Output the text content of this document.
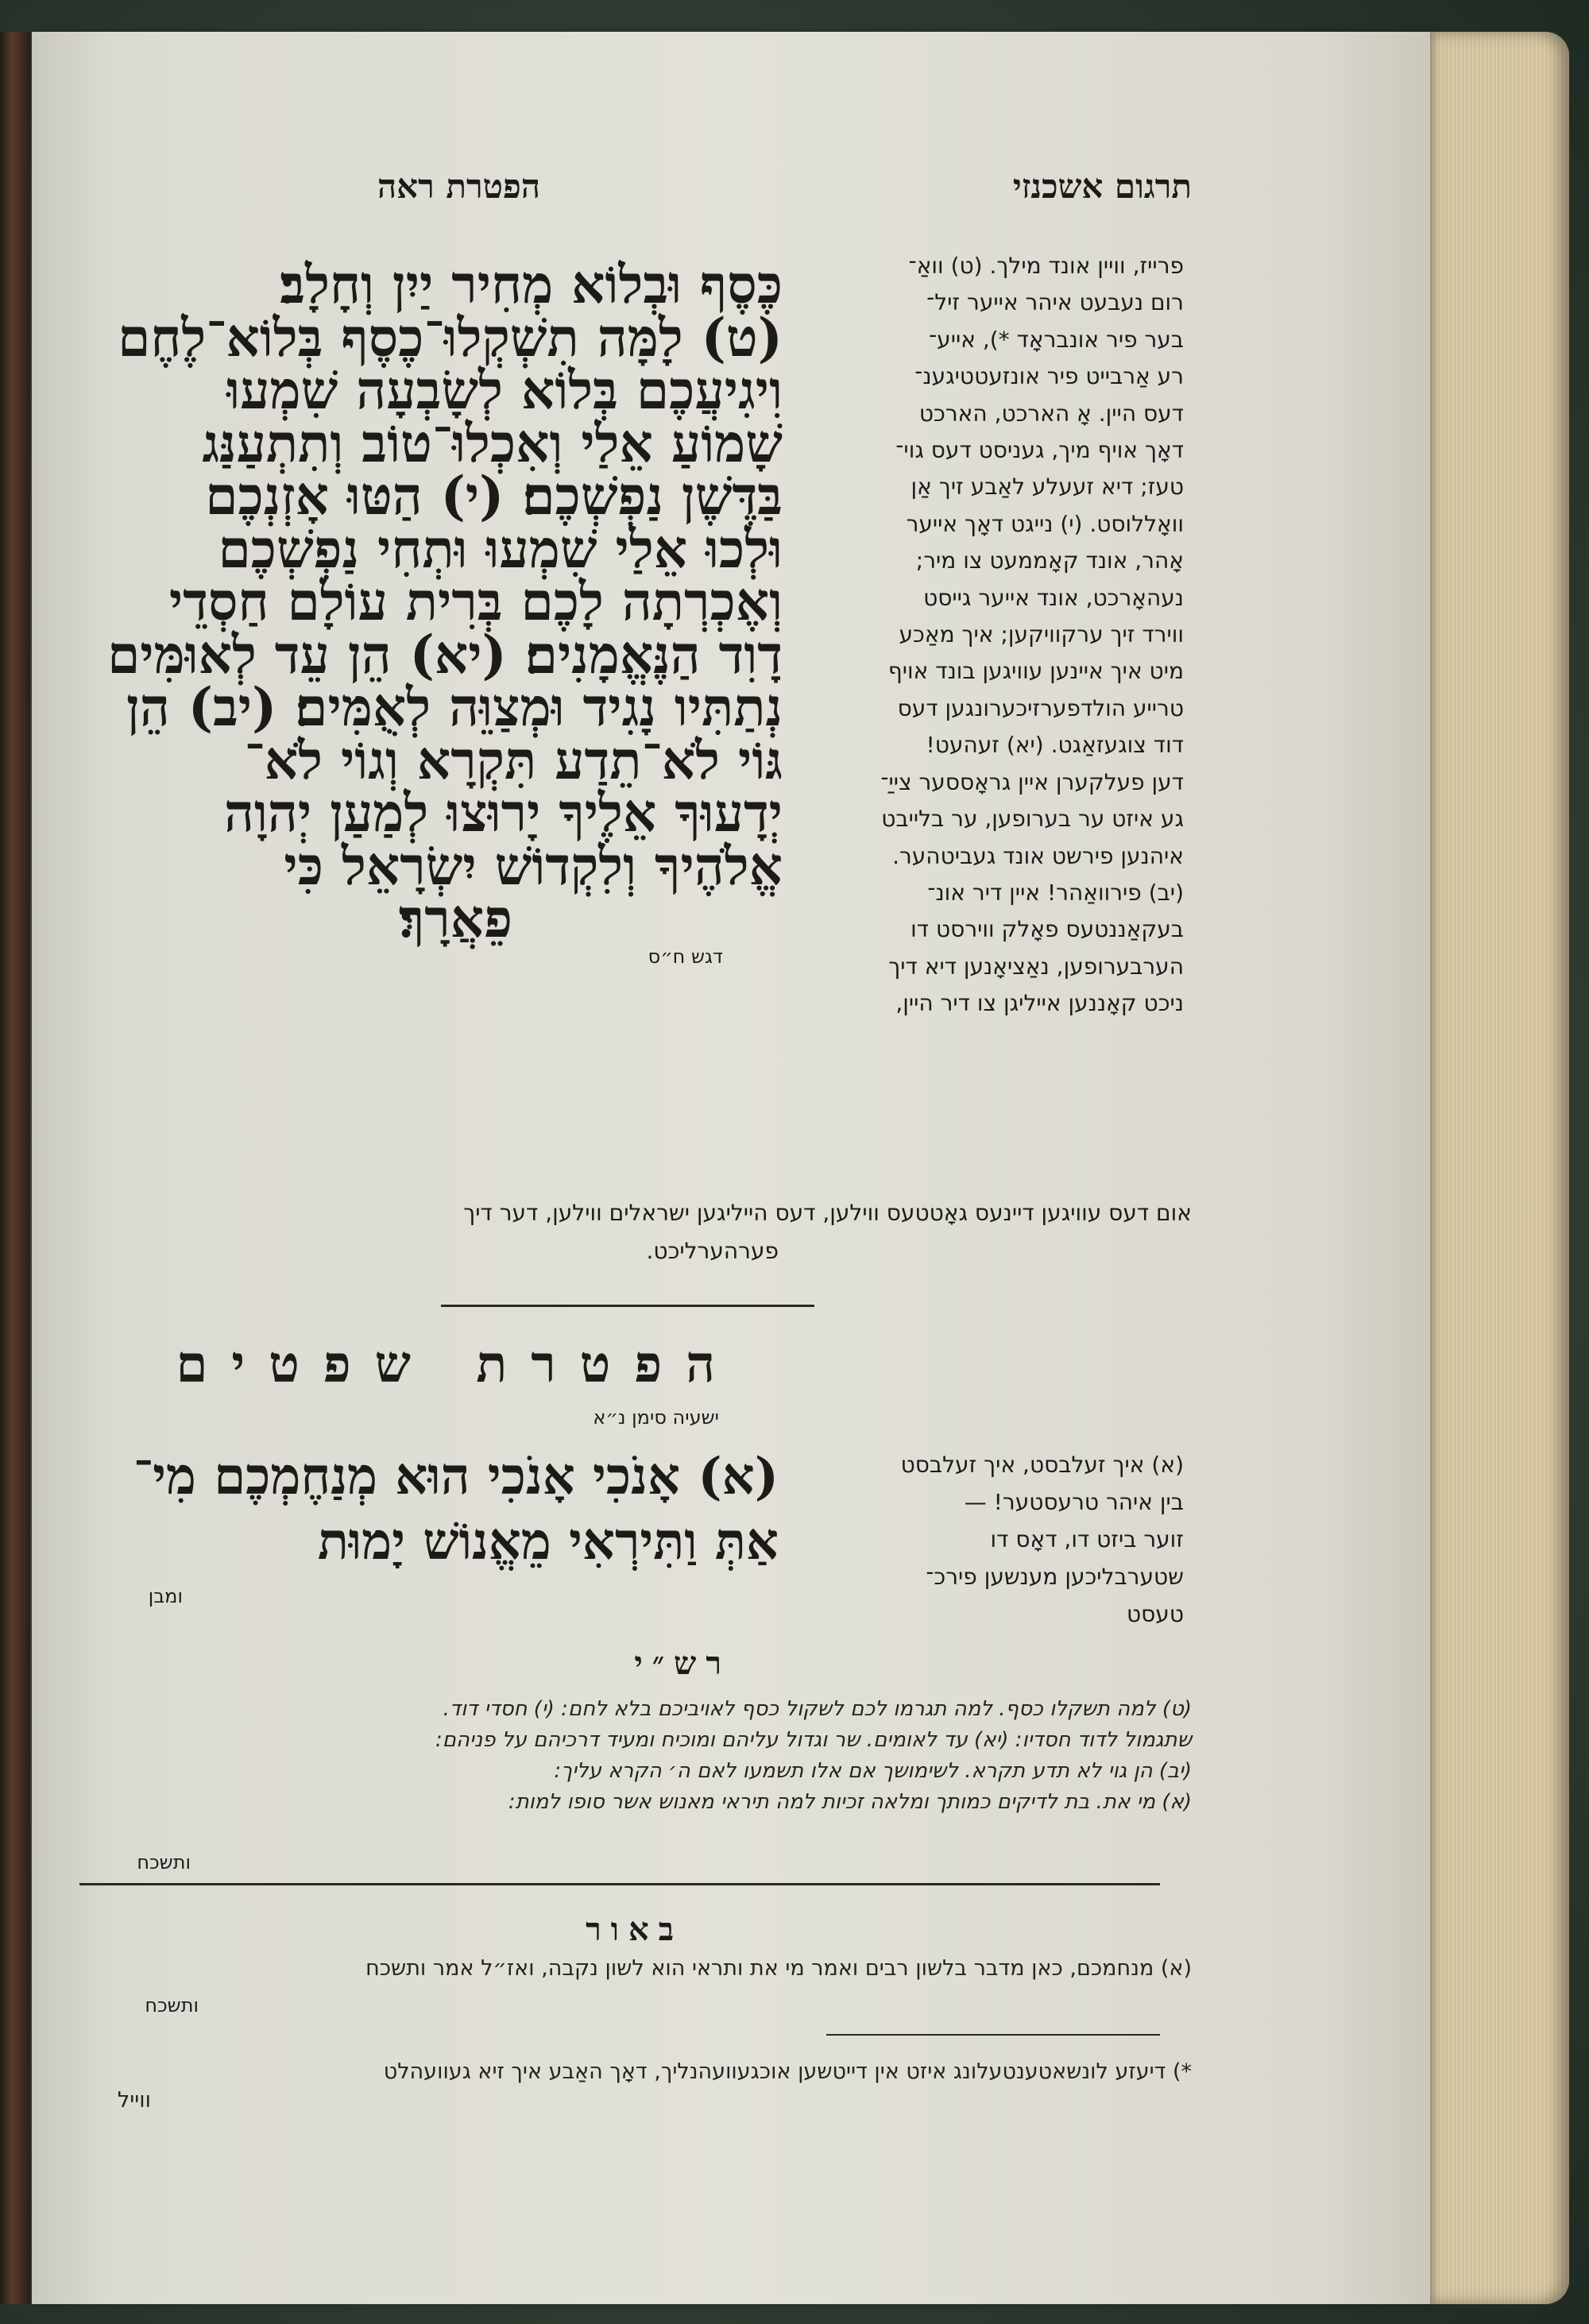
תרגום אשכנזי
הפטרת ראה

כֶּסֶף וּבְלוֹא מְחִיר יַיִן וְחָלָב׃

(ט) לָמָּה תִשְׁקְלוּ־כֶסֶף בְּלוֹא־לֶחֶם

וִיגִיעֲכֶם בְּלוֹא לְשָׂבְעָה שִׁמְעוּ

שָׁמוֹעַ אֵלַי וְאִכְלוּ־טוֹב וְתִתְעַנַּג

בַּדֶּשֶׁן נַפְשְׁכֶם׃ (י) הַטּוּ אָזְנְכֶם

וּלְכוּ אֵלַי שִׁמְעוּ וּתְחִי נַפְשְׁכֶם

וְאֶכְרְתָה לָכֶם בְּרִית עוֹלָם חַסְדֵי

דָוִד הַנֶּאֱמָנִים׃ (יא) הֵן עֵד לְאוּמִּים

נְתַתִּיו נָגִיד וּמְצַוֵּה לְאֻמִּים׃ (יב) הֵן

גּוֹי לֹא־תֵדַע תִּקְרָא וְגוֹי לֹא־

יְדָעוּךָ אֵלֶיךָ יָרוּצוּ לְמַעַן יְהוָה

אֱלֹהֶיךָ וְלִקְדוֹשׁ יִשְׂרָאֵל כִּי

פֵאֲרָךְ׃

דגש ח״ס

פרייז, וויין אונד מילך. (ט) וואַ־

רום נעבעט איהר אייער זיל־

בער פיר אונבראָד *), אייע־

רע אַרבייט פיר אונזעטטיגענ־

דעס היין. אָ הארכט, הארכט

דאָך אויף מיך, געניסט דעס גוי־

טעז; דיא זעעלע לאַבע זיך אַן

וואָללוסט. (י) נייגט דאָך אייער

אָהר, אונד קאָממעט צו מיר;

נעהאָרכט, אונד אייער גייסט

ווירד זיך ערקוויקען; איך מאַכע

מיט איך איינען עוויגען בונד אויף

טרייע הולדפערזיכערונגען דעס

דוד צוגעזאַגט. (יא) זעהעט!

דען פעלקערן איין גראָססער צייַ־

גע איזט ער בערופען, ער בלייבט

איהנען פירשט אונד געביטהער.

(יב) פירוואַהר! איין דיר אונ־

בעקאַננטעס פאָלק ווירסט דו

הערבערופען, נאַציאָנען דיא דיך

ניכט קאָננען אייליגן צו דיר היין,

אום דעס עוויגען דיינעס גאָטטעס ווילען, דעס הייליגען ישראלים ווילען, דער דיך
פערהערליכט.
הפטרת שפטים
ישעיה סימן נ״א

(א) אָנֹכִי אָנֹכִי הוּא מְנַחֶמְכֶם מִי־

אַתְּ וַתִּירְאִי מֵאֱנוֹשׁ יָמוּת

ומבן

(א) איך זעלבסט, איך זעלבסט

בין איהר טרעסטער! —

זוער ביזט דו, דאָס דו

שטערבליכען מענשען פירכ־

טעסט

רש״י

(ט) למה תשקלו כסף. למה תגרמו לכם לשקול כסף לאויביכם בלא לחם: (י) חסדי דוד.

שתגמול לדוד חסדיו: (יא) עד לאומים. שר וגדול עליהם ומוכיח ומעיד דרכיהם על פניהם:

(יב) הן גוי לא תדע תקרא. לשימושך אם אלו תשמעו לאם ה׳ הקרא עליך:

(א) מי את. בת לדיקים כמותך ומלאה זכיות למה תיראי מאנוש אשר סופו למות:

ותשכח
באור

(א) מנחמכם, כאן מדבר בלשון רבים ואמר מי את ותראי הוא לשון נקבה, ואז״ל אמר ותשכח

ותשכח

*) דיעזע לונשאטענטעלונג איזט אין דייטשען אוכגעוועהנליך, דאָך האַבע איך זיא געוועהלט

ווייל
